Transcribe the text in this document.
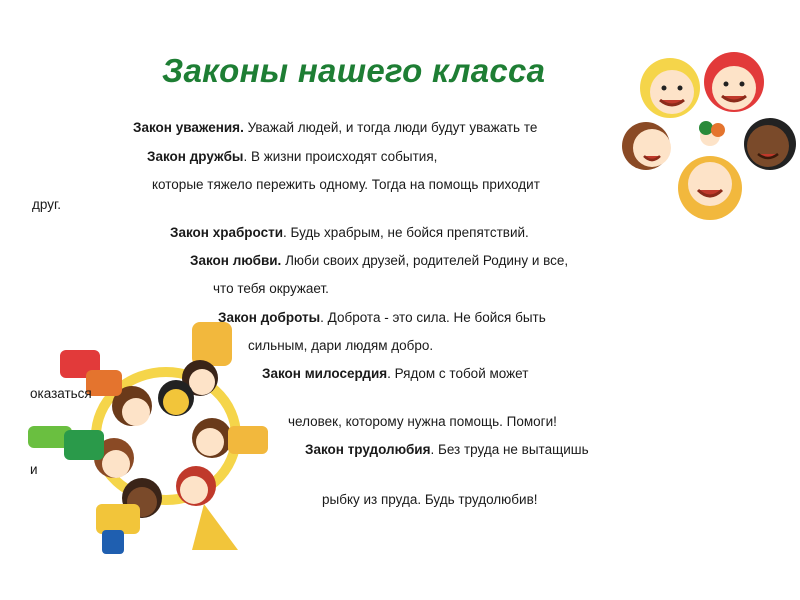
Законы нашего класса
Закон уважения. Уважай людей, и тогда люди будут уважать те
Закон дружбы. В жизни происходят события,
которые тяжело пережить одному. Тогда на помощь приходит
друг.
Закон храбрости. Будь храбрым, не бойся препятствий.
Закон любви. Люби своих друзей, родителей Родину и все,
что тебя окружает.
Закон доброты. Доброта - это сила. Не бойся быть
сильным, дари людям добро.
Закон милосердия. Рядом с тобой может
оказаться
человек, которому нужна помощь. Помоги!
Закон трудолюбия. Без труда не вытащишь
и
рыбку из пруда. Будь трудолюбив!
